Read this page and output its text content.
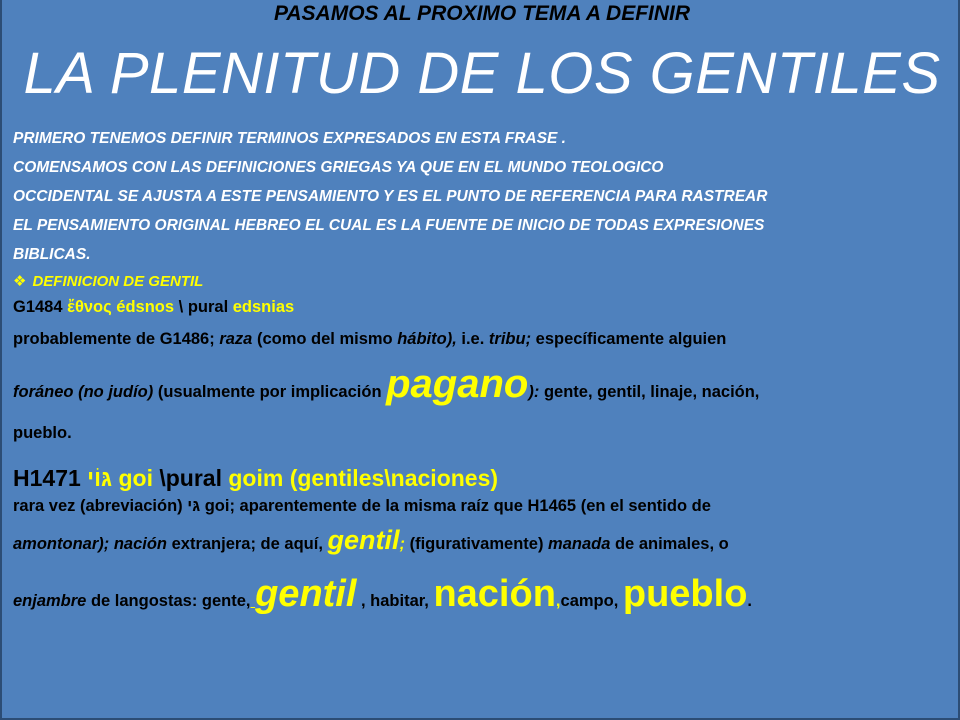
PASAMOS AL PROXIMO TEMA A DEFINIR
LA PLENITUD DE LOS GENTILES
PRIMERO TENEMOS DEFINIR TERMINOS EXPRESADOS EN ESTA FRASE .
COMENSAMOS CON LAS DEFINICIONES GRIEGAS YA QUE EN EL MUNDO TEOLOGICO
OCCIDENTAL SE AJUSTA A ESTE PENSAMIENTO Y ES EL PUNTO DE REFERENCIA PARA RASTREAR
EL PENSAMIENTO ORIGINAL HEBREO EL CUAL ES LA FUENTE DE INICIO DE TODAS EXPRESIONES
BIBLICAS.
❖ DEFINICION DE GENTIL
G1484 ἔθνος édsnos \ pural edsnias
probablemente de G1486; raza (como del mismo hábito), i.e. tribu; específicamente alguien
foráneo (no judío) (usualmente por implicación pagano): gente, gentil, linaje, nación,
pueblo.
H1471 גּוֹי goi \pural goim (gentiles\naciones)
rara vez (abreviación) גּי goi; aparentemente de la misma raíz que H1465 (en el sentido de
amontonar); nación extranjera; de aquí, gentil; (figurativamente) manada de animales, o
enjambre de langostas: gente, gentil , habitar, nación,campo, pueblo.
